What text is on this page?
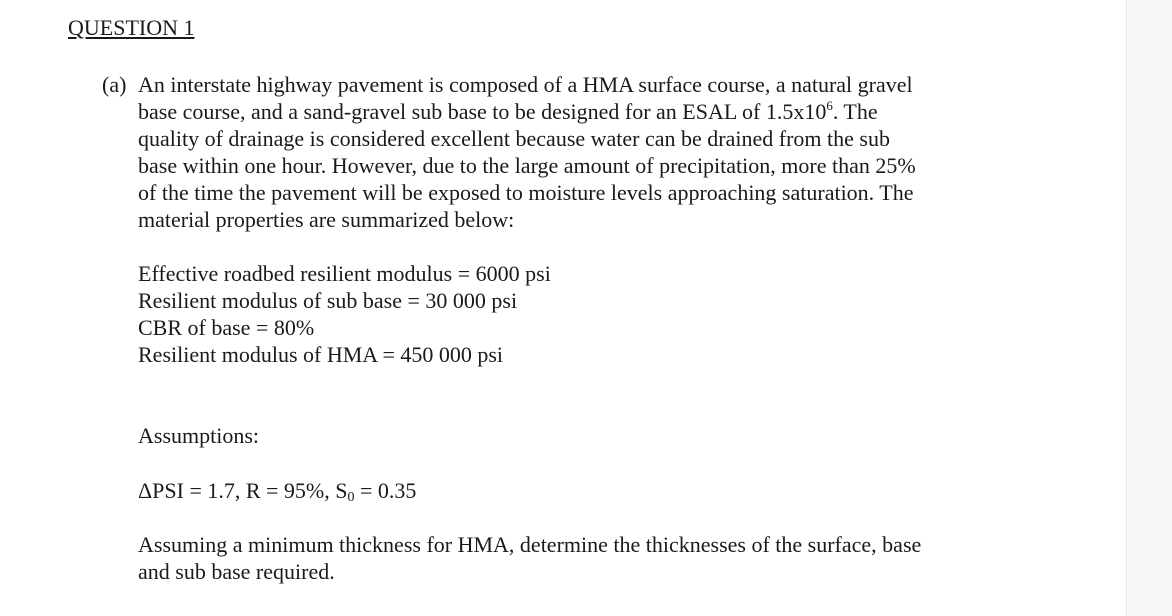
QUESTION 1
(a) An interstate highway pavement is composed of a HMA surface course, a natural gravel
base course, and a sand-gravel sub base to be designed for an ESAL of $1.5x10^6$. The
quality of drainage is considered excellent because water can be drained from the sub
base within one hour. However, due to the large amount of precipitation, more than 25%
of the time the pavement will be exposed to moisture levels approaching saturation. The
material properties are summarized below:
Effective roadbed resilient modulus = 6000 psi
Resilient modulus of sub base = 30 000 psi
CBR of base = 80%
Resilient modulus of HMA = 450 000 psi
Assumptions:
ΔPSI = 1.7, R = 95%, $S_0 = 0.35$
Assuming a minimum thickness for HMA, determine the thicknesses of the surface, base
and sub base required.
